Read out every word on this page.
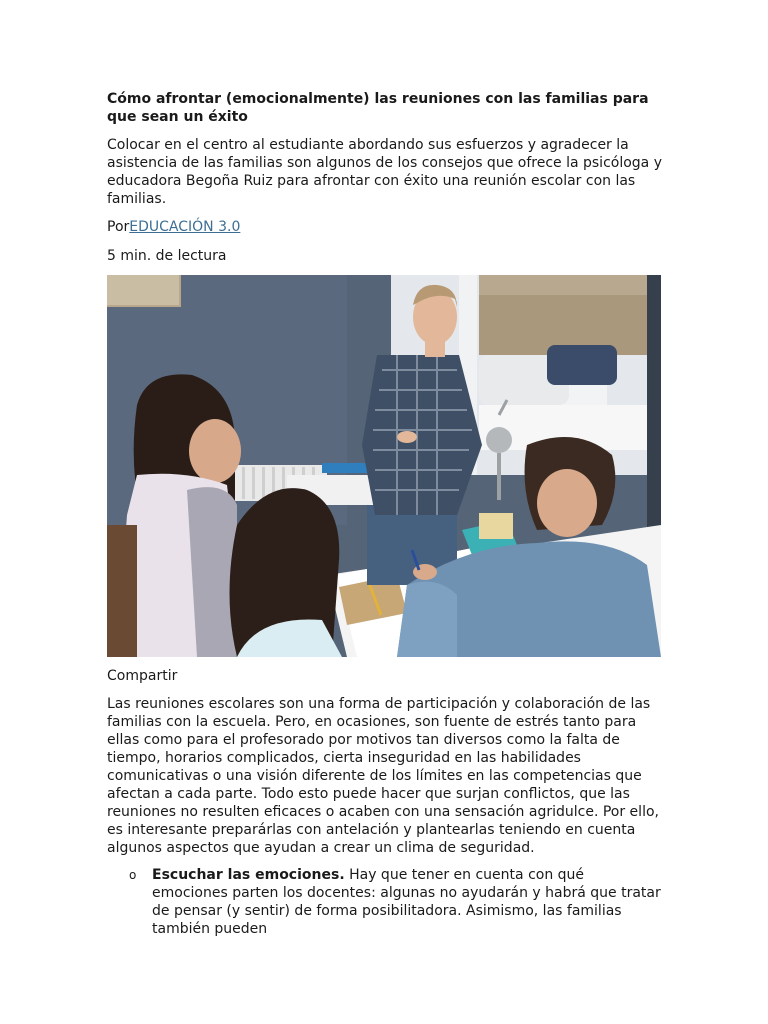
Cómo afrontar (emocionalmente) las reuniones con las familias para que sean un éxito

Colocar en el centro al estudiante abordando sus esfuerzos y agradecer la asistencia de las familias son algunos de los consejos que ofrece la psicóloga y educadora Begoña Ruiz para afrontar con éxito una reunión escolar con las familias.

PorEDUCACIÓN 3.0

5 min. de lectura

Compartir

Las reuniones escolares son una forma de participación y colaboración de las familias con la escuela. Pero, en ocasiones, son fuente de estrés tanto para ellas como para el profesorado por motivos tan diversos como la falta de tiempo, horarios complicados, cierta inseguridad en las habilidades comunicativas o una visión diferente de los límites en las competencias que afectan a cada parte. Todo esto puede hacer que surjan conflictos, que las reuniones no resulten eficaces o acaben con una sensación agridulce. Por ello, es interesante preparárlas con antelación y plantearlas teniendo en cuenta algunos aspectos que ayudan a crear un clima de seguridad.

o Escuchar las emociones. Hay que tener en cuenta con qué emociones parten los docentes: algunas no ayudarán y habrá que tratar de pensar (y sentir) de forma posibilitadora. Asimismo, las familias también pueden
